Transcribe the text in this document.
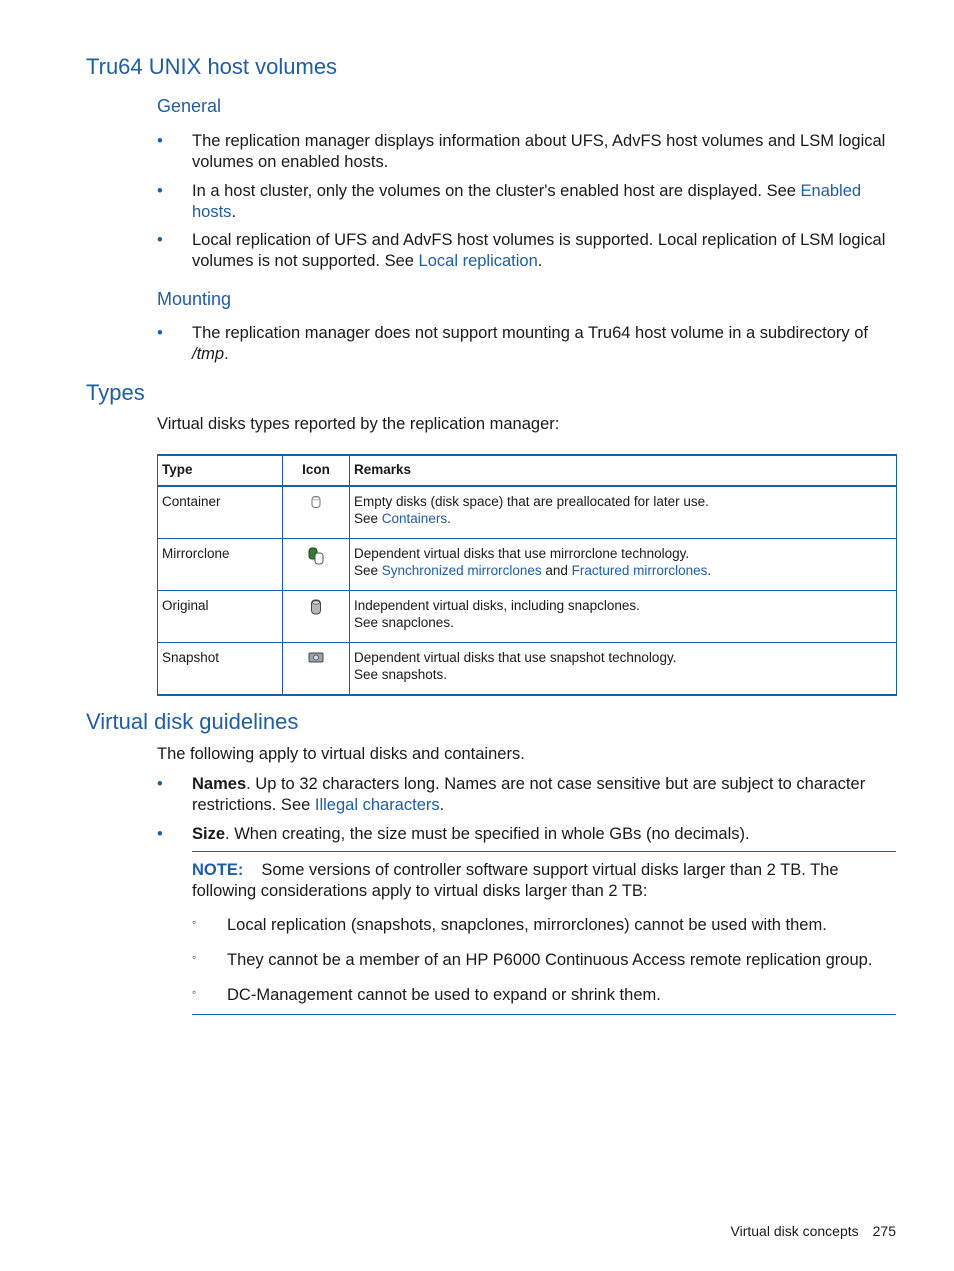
Tru64 UNIX host volumes
General
• The replication manager displays information about UFS, AdvFS host volumes and LSM logical volumes on enabled hosts.
• In a host cluster, only the volumes on the cluster's enabled host are displayed. See Enabled hosts.
• Local replication of UFS and AdvFS host volumes is supported. Local replication of LSM logical volumes is not supported. See Local replication.
Mounting
• The replication manager does not support mounting a Tru64 host volume in a subdirectory of /tmp.
Types

Virtual disks types reported by the replication manager:

Type	Icon	Remarks
Container		Empty disks (disk space) that are preallocated for later use.
See Containers.
Mirrorclone		Dependent virtual disks that use mirrorclone technology.
See Synchronized mirrorclones and Fractured mirrorclones.
Original		Independent virtual disks, including snapclones.
See snapclones.
Snapshot		Dependent virtual disks that use snapshot technology.
See snapshots.
Virtual disk guidelines

The following apply to virtual disks and containers.

• Names. Up to 32 characters long. Names are not case sensitive but are subject to character restrictions. See Illegal characters.
• Size. When creating, the size must be specified in whole GBs (no decimals).
NOTE: Some versions of controller software support virtual disks larger than 2 TB. The following considerations apply to virtual disks larger than 2 TB:
◦ Local replication (snapshots, snapclones, mirrorclones) cannot be used with them.
◦ They cannot be a member of an HP P6000 Continuous Access remote replication group.
◦ DC-Management cannot be used to expand or shrink them.
Virtual disk concepts 275
